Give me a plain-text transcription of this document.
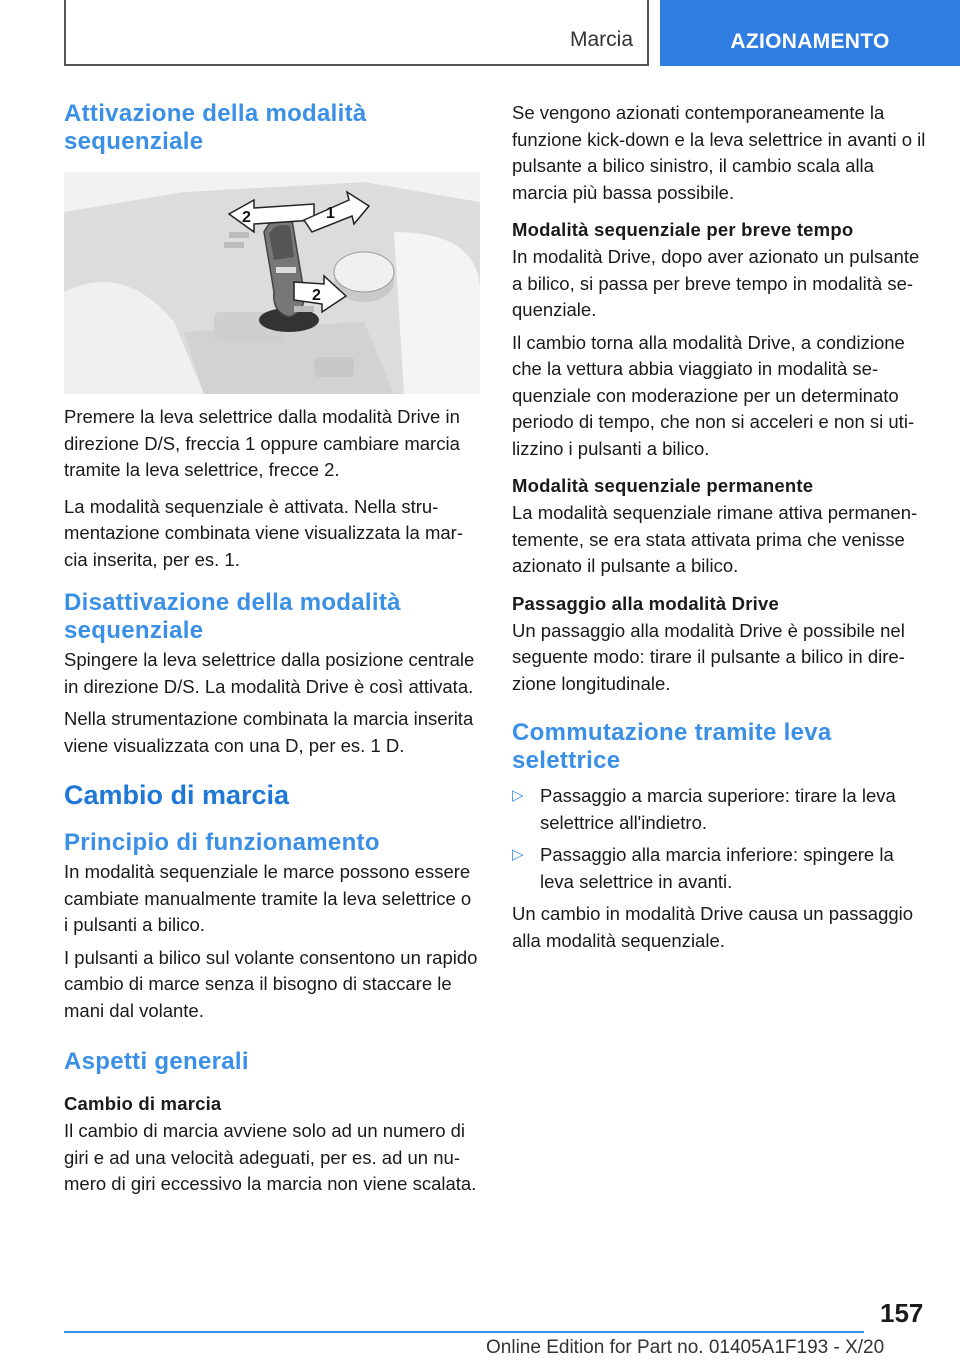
Marcia	AZIONAMENTO
Attivazione della modalità sequenziale
2	1
2

Premere la leva selettrice dalla modalità Drive in direzione D/S, freccia 1 oppure cambiare marcia tramite la leva selettrice, frecce 2.

La modalità sequenziale è attivata. Nella strumentazione combinata viene visualizzata la marcia inserita, per es. 1.

Disattivazione della modalità sequenziale

Spingere la leva selettrice dalla posizione centrale in direzione D/S. La modalità Drive è così attivata.

Nella strumentazione combinata la marcia inserita viene visualizzata con una D, per es. 1 D.

Cambio di marcia
Principio di funzionamento

In modalità sequenziale le marce possono essere cambiate manualmente tramite la leva selettrice o i pulsanti a bilico.

I pulsanti a bilico sul volante consentono un rapido cambio di marce senza il bisogno di staccare le mani dal volante.

Aspetti generali
Cambio di marcia

Il cambio di marcia avviene solo ad un numero di giri e ad una velocità adeguati, per es. ad un numero di giri eccessivo la marcia non viene scalata.

Se vengono azionati contemporaneamente la funzione kick-down e la leva selettrice in avanti o il pulsante a bilico sinistro, il cambio scala alla marcia più bassa possibile.

Modalità sequenziale per breve tempo

In modalità Drive, dopo aver azionato un pulsante a bilico, si passa per breve tempo in modalità sequenziale.

Il cambio torna alla modalità Drive, a condizione che la vettura abbia viaggiato in modalità sequenziale con moderazione per un determinato periodo di tempo, che non si acceleri e non si utilizzino i pulsanti a bilico.

Modalità sequenziale permanente

La modalità sequenziale rimane attiva permanentemente, se era stata attivata prima che venisse azionato il pulsante a bilico.

Passaggio alla modalità Drive

Un passaggio alla modalità Drive è possibile nel seguente modo: tirare il pulsante a bilico in direzione longitudinale.

Commutazione tramite leva selettrice
▷ Passaggio a marcia superiore: tirare la leva selettrice all'indietro.
▷ Passaggio alla marcia inferiore: spingere la leva selettrice in avanti.

Un cambio in modalità Drive causa un passaggio alla modalità sequenziale.

157
Online Edition for Part no. 01405A1F193 - X/20
